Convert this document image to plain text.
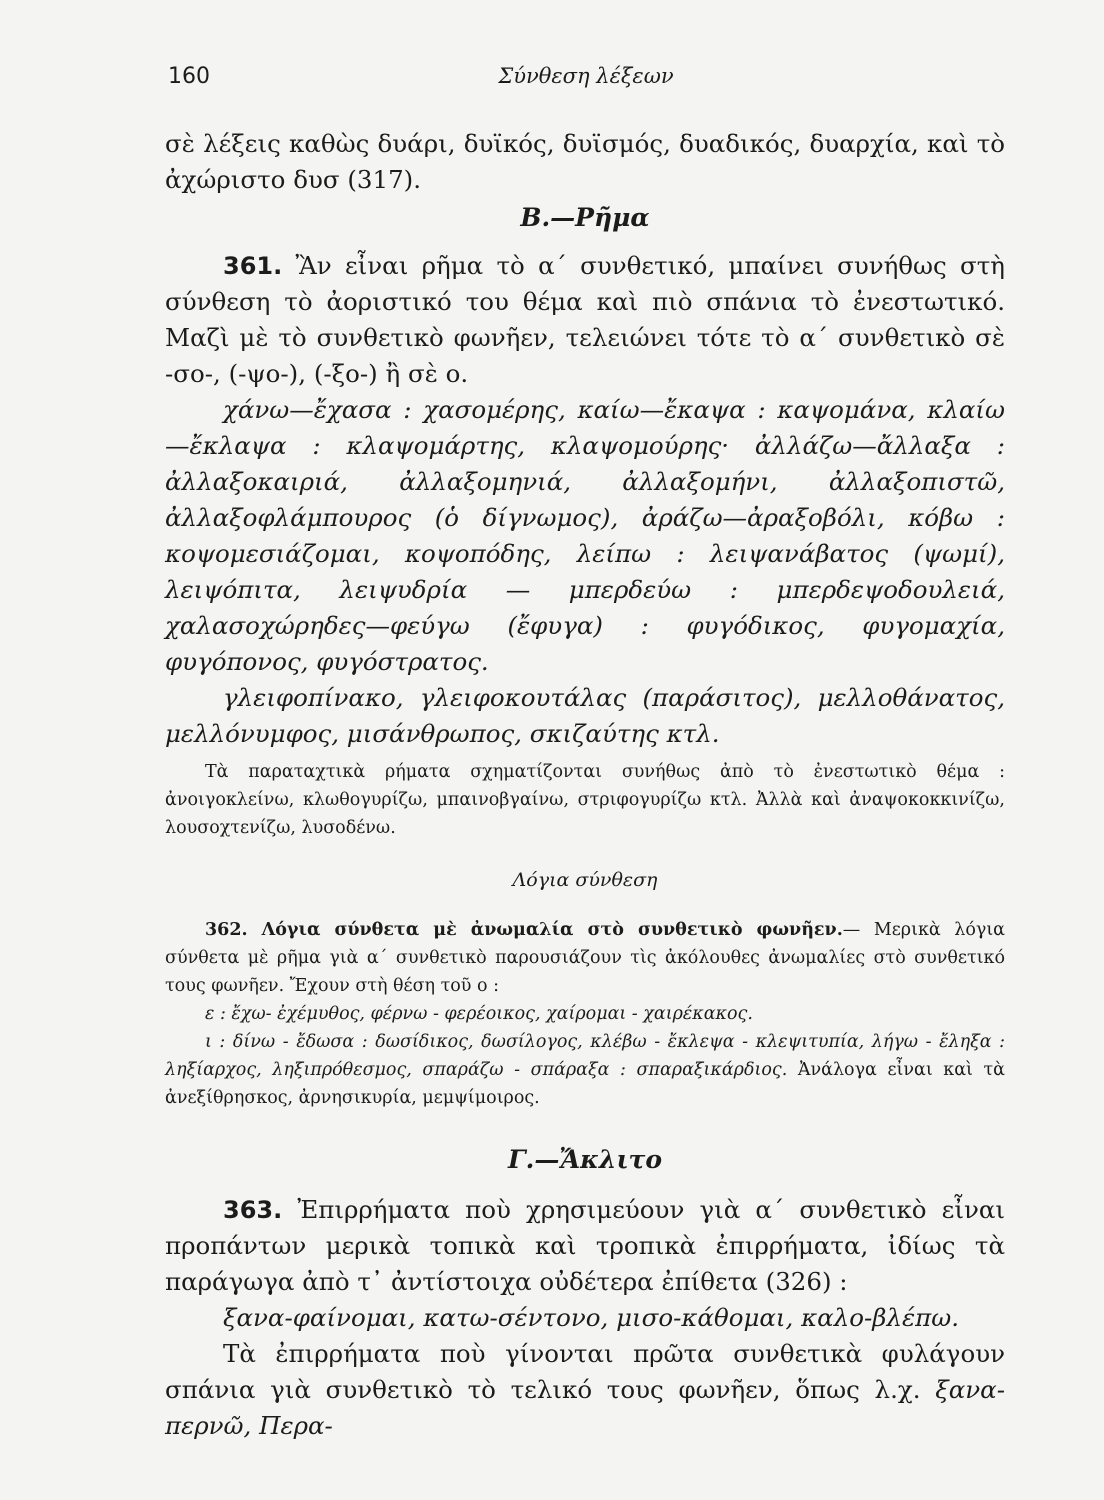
160	Σύνθεση λέξεων

σὲ λέξεις καθὼς δυάρι, δυϊκός, δυϊσμός, δυαδικός, δυαρχία, καὶ τὸ ἀχώριστο δυσ (317).

Β.—Ρῆμα

361. Ἂν εἶναι ρῆμα τὸ α΄ συνθετικό, μπαίνει συνήθως στὴ σύνθεση τὸ ἀοριστικό του θέμα καὶ πιὸ σπάνια τὸ ἐνεστωτικό. Μαζὶ μὲ τὸ συνθετικὸ φωνῆεν, τελειώνει τότε τὸ α΄ συνθετικὸ σὲ -σο-, (-ψο-), (-ξο-) ἢ σὲ ο.

χάνω—ἔχασα : χασομέρης, καίω—ἔκαψα : καψομάνα, κλαίω—ἔκλαψα : κλαψομάρτης, κλαψομούρης· ἀλλάζω—ἄλλαξα : ἀλλαξοκαιριά, ἀλλαξομηνιά, ἀλλαξομήνι, ἀλλαξοπιστῶ, ἀλλαξοφλάμπουρος (ὁ δίγνωμος), ἀράζω—ἀραξοβόλι, κόβω : κοψομεσιάζομαι, κοψοπόδης, λείπω : λειψανάβατος (ψωμί), λειψόπιτα, λειψυδρία — μπερδεύω : μπερδεψοδουλειά, χαλασοχώρηδες—φεύγω (ἔφυγα) : φυγόδικος, φυγομαχία, φυγόπονος, φυγόστρατος.

γλειφοπίνακο, γλειφοκουτάλας (παράσιτος), μελλοθάνατος, μελλόνυμφος, μισάνθρωπος, σκιζαύτης κτλ.

Τὰ παραταχτικὰ ρήματα σχηματίζονται συνήθως ἀπὸ τὸ ἐνεστωτικὸ θέμα : ἀνοιγοκλείνω, κλωθογυρίζω, μπαινοβγαίνω, στριφογυρίζω κτλ. Ἀλλὰ καὶ ἀναψοκοκκινίζω, λουσοχτενίζω, λυσοδένω.

Λόγια σύνθεση

362. Λόγια σύνθετα μὲ ἀνωμαλία στὸ συνθετικὸ φωνῆεν.— Μερικὰ λόγια σύνθετα μὲ ρῆμα γιὰ α΄ συνθετικὸ παρουσιάζουν τὶς ἀκόλουθες ἀνωμαλίες στὸ συνθετικό τους φωνῆεν. Ἔχουν στὴ θέση τοῦ ο :

ε : ἔχω- ἐχέμυθος, φέρνω - φερέοικος, χαίρομαι - χαιρέκακος.

ι : δίνω - ἔδωσα : δωσίδικος, δωσίλογος, κλέβω - ἔκλεψα - κλεψιτυπία, λήγω - ἔληξα : ληξίαρχος, ληξιπρόθεσμος, σπαράζω - σπάραξα : σπαραξικάρδιος. Ἀνάλογα εἶναι καὶ τὰ ἀνεξίθρησκος, ἀρνησικυρία, μεμψίμοιρος.

Γ.—Ἄκλιτο

363. Ἐπιρρήματα ποὺ χρησιμεύουν γιὰ α΄ συνθετικὸ εἶναι προπάντων μερικὰ τοπικὰ καὶ τροπικὰ ἐπιρρήματα, ἰδίως τὰ παράγωγα ἀπὸ τ᾽ ἀντίστοιχα οὐδέτερα ἐπίθετα (326) :

ξανα-φαίνομαι, κατω-σέντονο, μισο-κάθομαι, καλο-βλέπω.

Τὰ ἐπιρρήματα ποὺ γίνονται πρῶτα συνθετικὰ φυλάγουν σπάνια γιὰ συνθετικὸ τὸ τελικό τους φωνῆεν, ὅπως λ.χ. ξανα-περνῶ, Περα-
